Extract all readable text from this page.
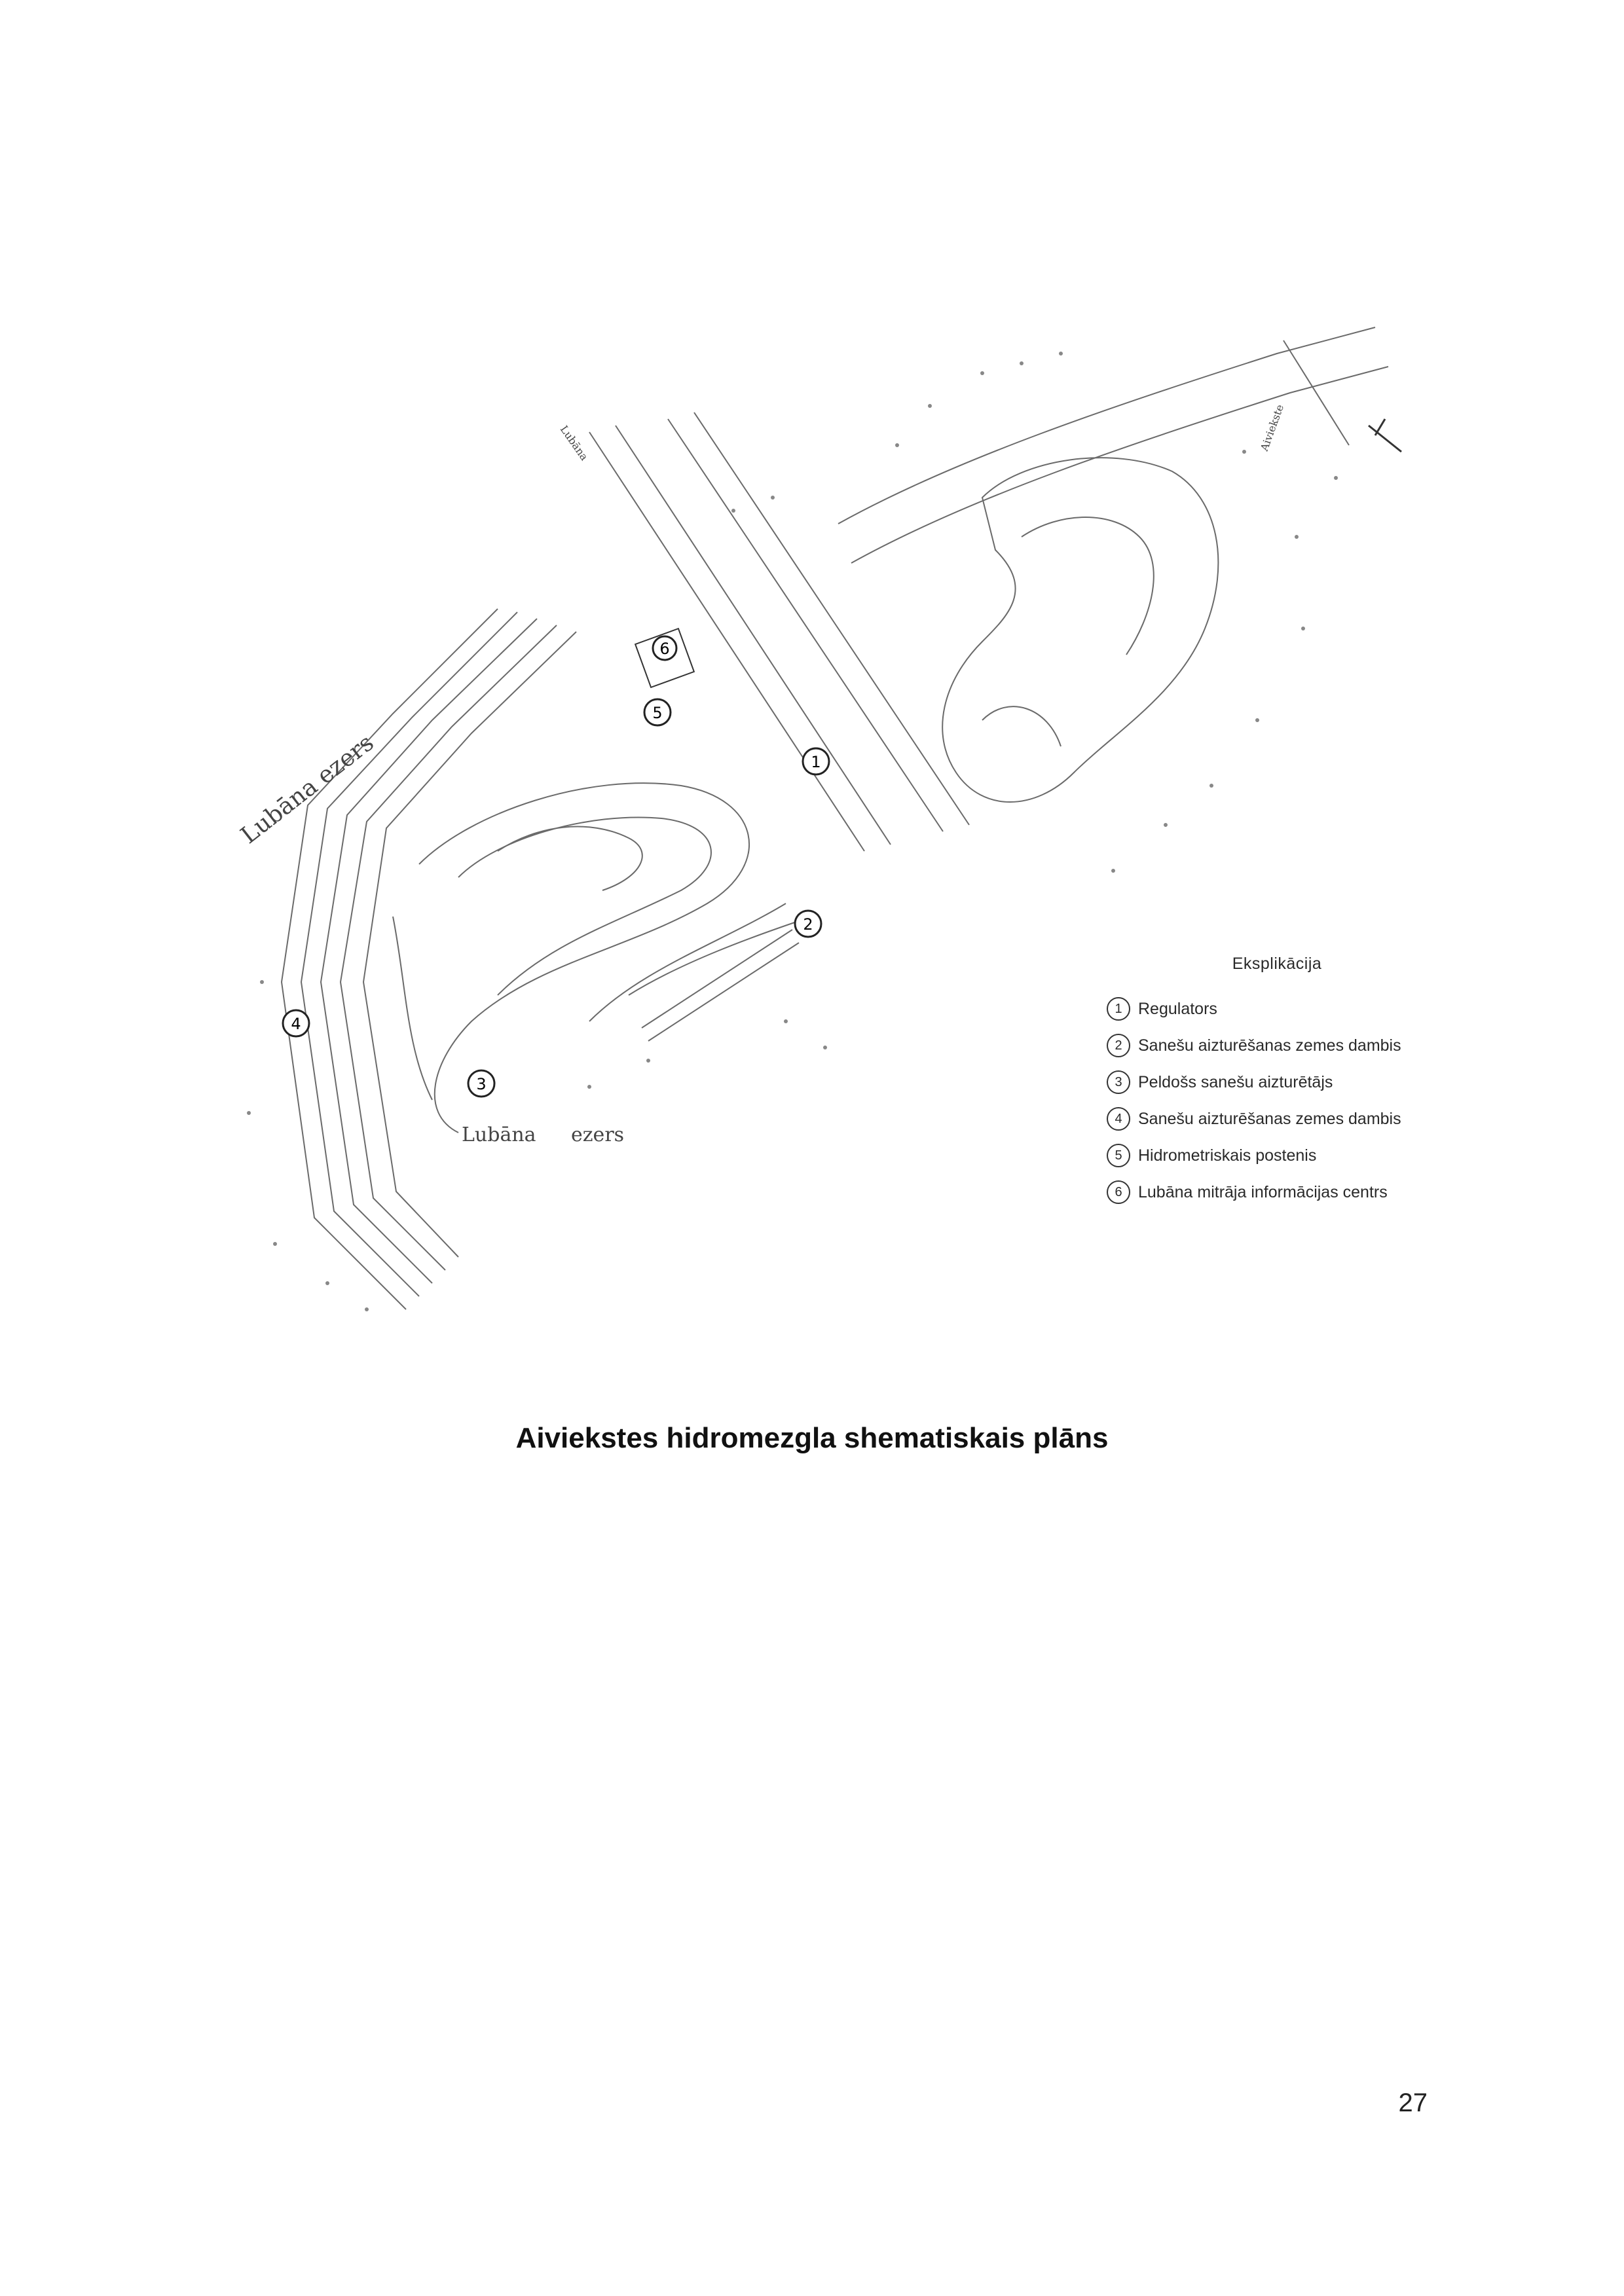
1
2
3
4
5
6
Lubāna ezers
Lubāna ezers
Lubāna	Aiviekste
Eksplikācija
1 Regulators
2 Sanešu aizturēšanas zemes dambis
3 Peldošs sanešu aizturētājs
4 Sanešu aizturēšanas zemes dambis
5 Hidrometriskais postenis
6 Lubāna mitrāja informācijas centrs
Aiviekstes hidromezgla shematiskais plāns
27
